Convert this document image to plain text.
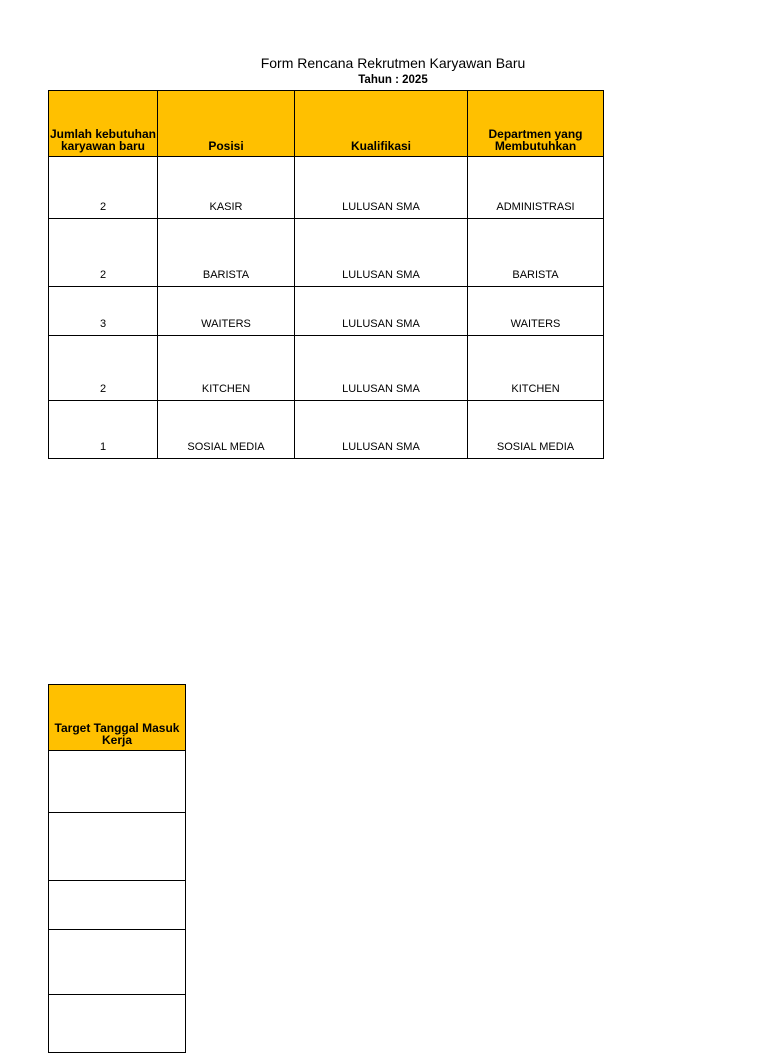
Form Rencana Rekrutmen Karyawan Baru
Tahun : 2025
Jumlah kebutuhan karyawan baru	Posisi	Kualifikasi	Departmen yang Membutuhkan
2	KASIR	LULUSAN SMA	ADMINISTRASI
2	BARISTA	LULUSAN SMA	BARISTA
3	WAITERS	LULUSAN SMA	WAITERS
2	KITCHEN	LULUSAN SMA	KITCHEN
1	SOSIAL MEDIA	LULUSAN SMA	SOSIAL MEDIA
Target Tanggal Masuk Kerja
